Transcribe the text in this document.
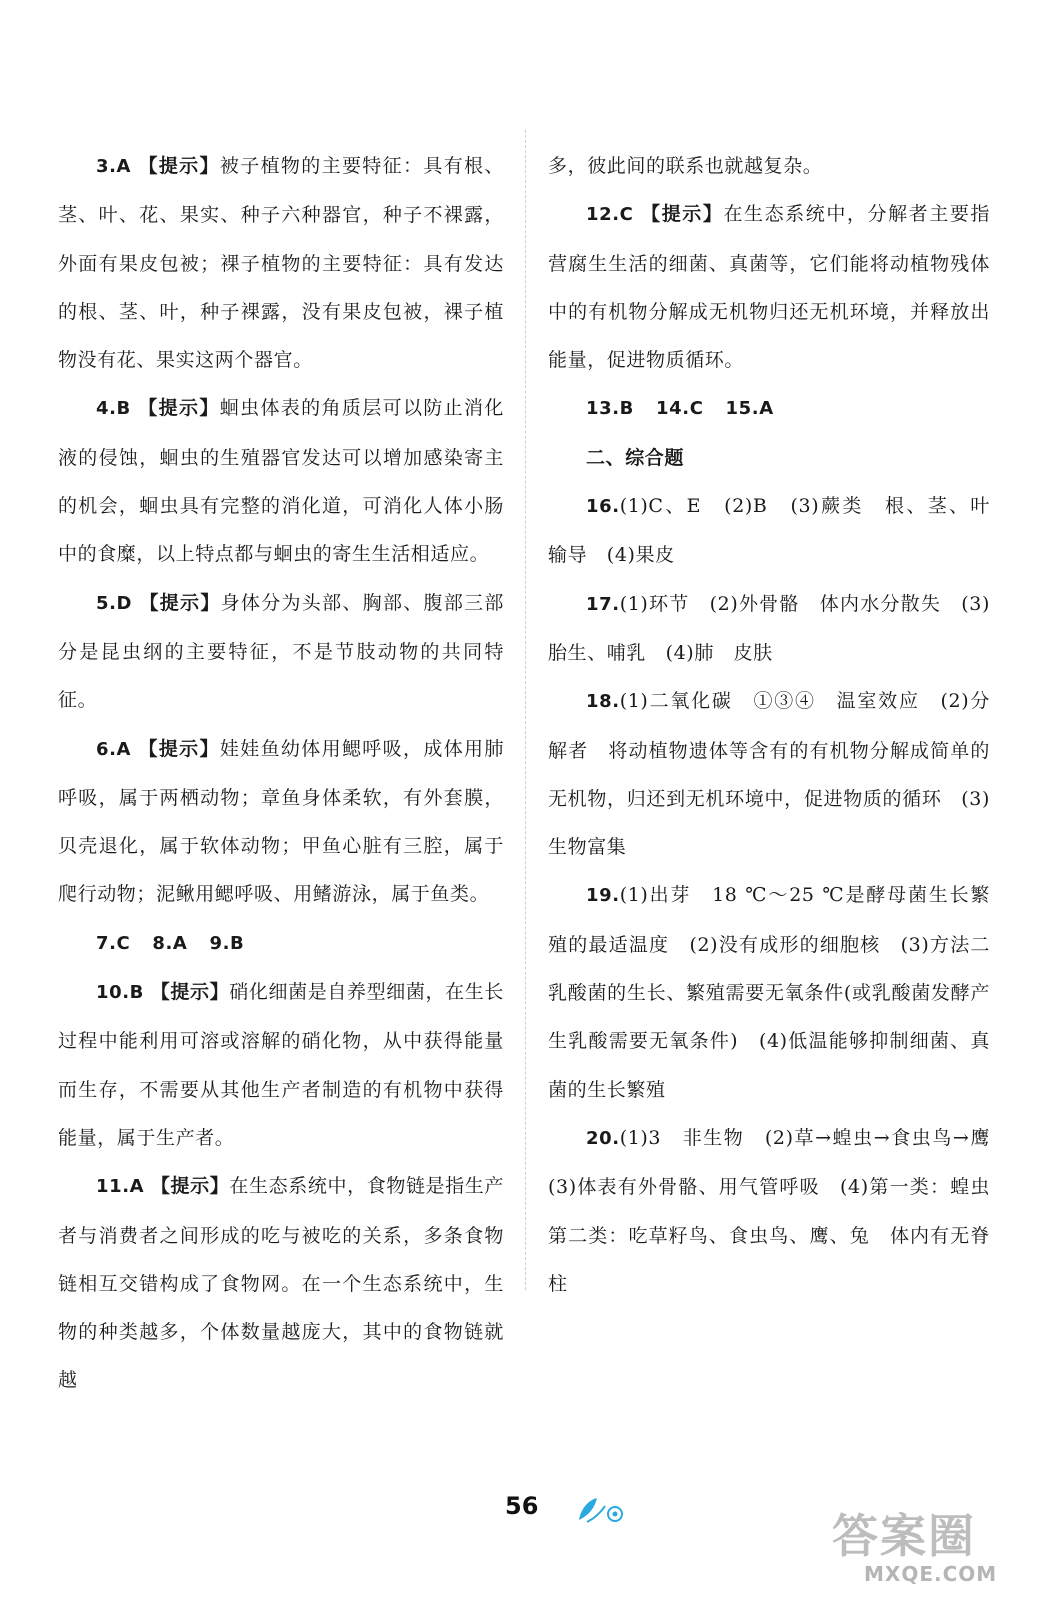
3.A 【提示】被子植物的主要特征：具有根、茎、叶、花、果实、种子六种器官，种子不裸露，外面有果皮包被；裸子植物的主要特征：具有发达的根、茎、叶，种子裸露，没有果皮包被，裸子植物没有花、果实这两个器官。

4.B 【提示】蛔虫体表的角质层可以防止消化液的侵蚀，蛔虫的生殖器官发达可以增加感染寄主的机会，蛔虫具有完整的消化道，可消化人体小肠中的食糜，以上特点都与蛔虫的寄生生活相适应。

5.D 【提示】身体分为头部、胸部、腹部三部分是昆虫纲的主要特征，不是节肢动物的共同特征。

6.A 【提示】娃娃鱼幼体用鳃呼吸，成体用肺呼吸，属于两栖动物；章鱼身体柔软，有外套膜，贝壳退化，属于软体动物；甲鱼心脏有三腔，属于爬行动物；泥鳅用鳃呼吸、用鳍游泳，属于鱼类。

7.C 8.A 9.B

10.B 【提示】硝化细菌是自养型细菌，在生长过程中能利用可溶或溶解的硝化物，从中获得能量而生存，不需要从其他生产者制造的有机物中获得能量，属于生产者。

11.A 【提示】在生态系统中，食物链是指生产者与消费者之间形成的吃与被吃的关系，多条食物链相互交错构成了食物网。在一个生态系统中，生物的种类越多，个体数量越庞大，其中的食物链就越

多，彼此间的联系也就越复杂。

12.C 【提示】在生态系统中，分解者主要指营腐生生活的细菌、真菌等，它们能将动植物残体中的有机物分解成无机物归还无机环境，并释放出能量，促进物质循环。

13.B 14.C 15.A

二、综合题

16.(1)C、E　(2)B　(3)蕨类　根、茎、叶　输导　(4)果皮

17.(1)环节　(2)外骨骼　体内水分散失　(3)胎生、哺乳　(4)肺　皮肤

18.(1)二氧化碳　①③④　温室效应　(2)分解者　将动植物遗体等含有的有机物分解成简单的无机物，归还到无机环境中，促进物质的循环　(3)生物富集

19.(1)出芽　18 ℃～25 ℃是酵母菌生长繁殖的最适温度　(2)没有成形的细胞核　(3)方法二　乳酸菌的生长、繁殖需要无氧条件(或乳酸菌发酵产生乳酸需要无氧条件)　(4)低温能够抑制细菌、真菌的生长繁殖

20.(1)3　非生物　(2)草→蝗虫→食虫鸟→鹰　(3)体表有外骨骼、用气管呼吸　(4)第一类：蝗虫　第二类：吃草籽鸟、食虫鸟、鹰、兔　体内有无脊柱

56
答案圈
MXQE.COM
